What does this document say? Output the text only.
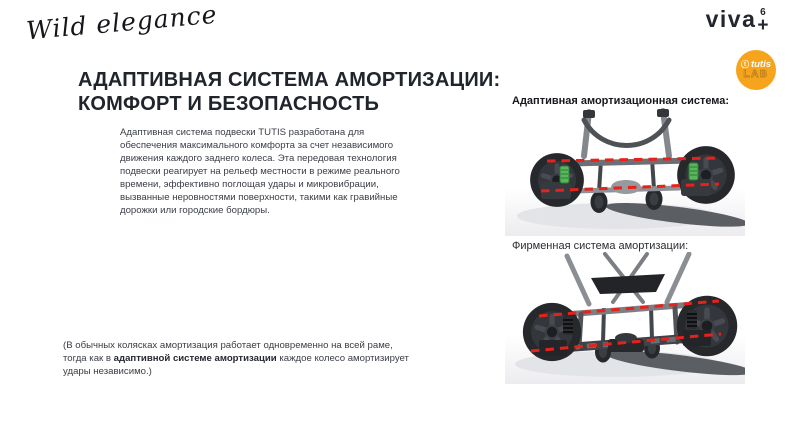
Wild elegance	viva 6
+
ⓣ tutis
LAB
АДАПТИВНАЯ СИСТЕМА АМОРТИЗАЦИИ:
КОМФОРТ И БЕЗОПАСНОСТЬ
Адаптивная система подвески TUTIS разработана для обеспечения максимального комфорта за счет независимого движения каждого заднего колеса. Эта передовая технология подвески реагирует на рельеф местности в режиме реального времени, эффективно поглощая удары и микровибрации, вызванные неровностями поверхности, такими как гравийные дорожки или городские бордюры.
(В обычных колясках амортизация работает одновременно на всей раме, тогда как в адаптивной системе амортизации каждое колесо амортизирует удары независимо.)
Адаптивная амортизационная система:
Фирменная система амортизации:
